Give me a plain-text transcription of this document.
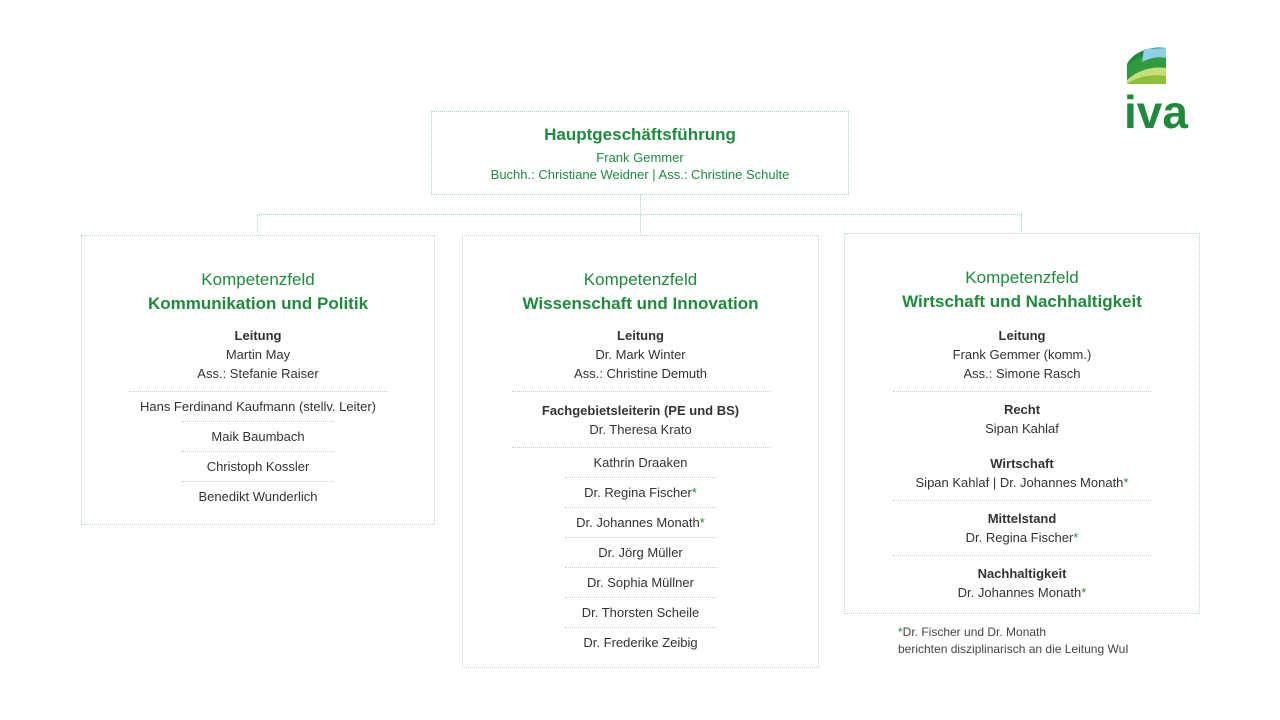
iva
Hauptgeschäftsführung
Frank Gemmer
Buchh.: Christiane Weidner | Ass.: Christine Schulte
Kompetenzfeld
Kommunikation und Politik
Leitung
Martin May
Ass.: Stefanie Raiser
Hans Ferdinand Kaufmann (stellv. Leiter)
Maik Baumbach
Christoph Kossler
Benedikt Wunderlich
Kompetenzfeld
Wissenschaft und Innovation
Leitung
Dr. Mark Winter
Ass.: Christine Demuth
Fachgebietsleiterin (PE und BS)
Dr. Theresa Krato
Kathrin Draaken
Dr. Regina Fischer*
Dr. Johannes Monath*
Dr. Jörg Müller
Dr. Sophia Müllner
Dr. Thorsten Scheile
Dr. Frederike Zeibig
Kompetenzfeld
Wirtschaft und Nachhaltigkeit
Leitung
Frank Gemmer (komm.)
Ass.: Simone Rasch
Recht
Sipan Kahlaf
Wirtschaft
Sipan Kahlaf | Dr. Johannes Monath*
Mittelstand
Dr. Regina Fischer*
Nachhaltigkeit
Dr. Johannes Monath*
*Dr. Fischer und Dr. Monath
berichten disziplinarisch an die Leitung WuI
